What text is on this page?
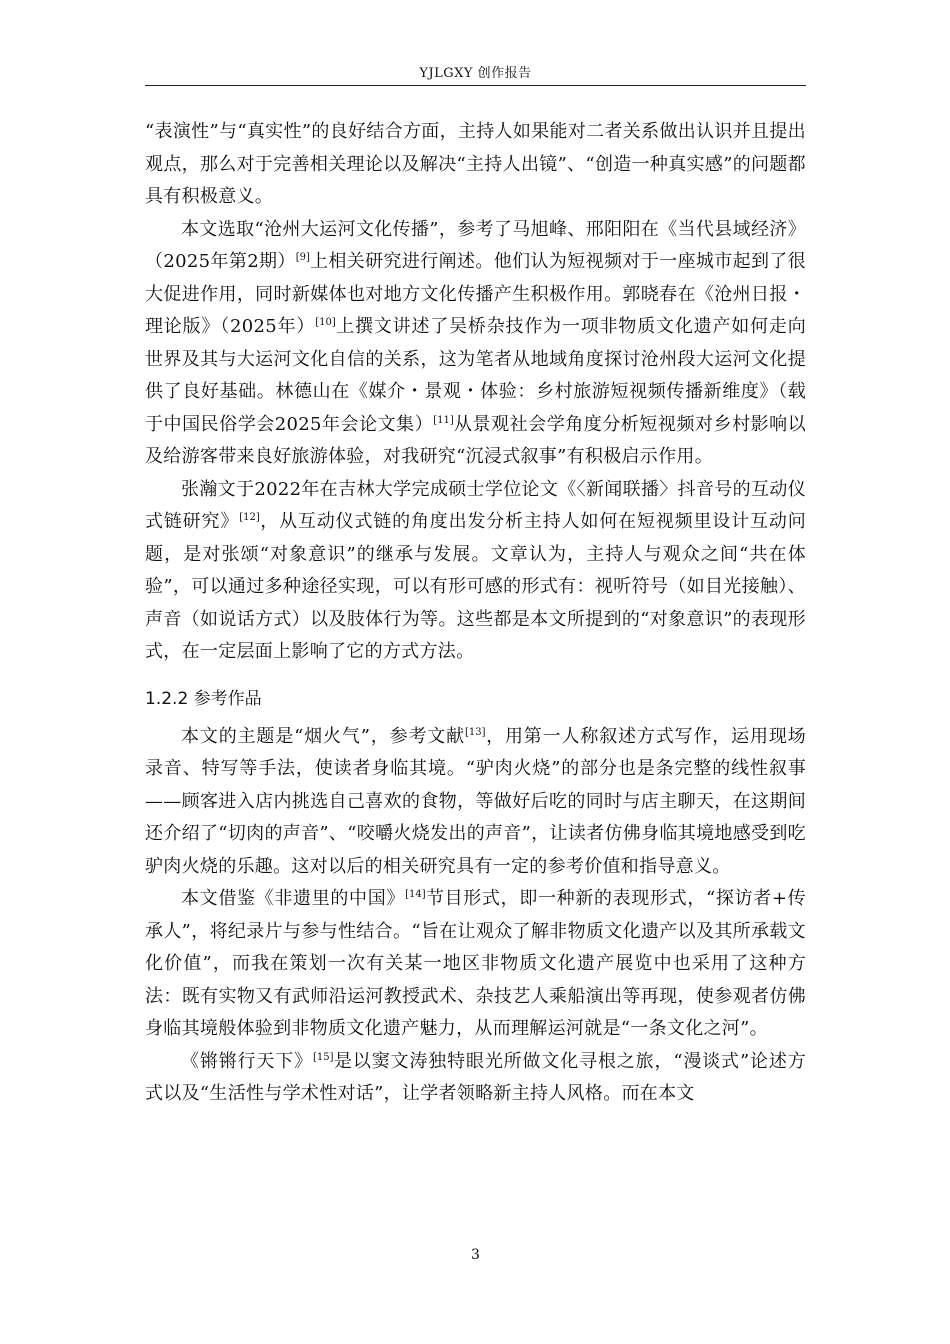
YJLGXY 创作报告

“表演性”与“真实性”的良好结合方面，主持人如果能对二者关系做出认识并且提出观点，那么对于完善相关理论以及解决“主持人出镜”、“创造一种真实感”的问题都具有积极意义。

本文选取“沧州大运河文化传播”，参考了马旭峰、邢阳阳在《当代县域经济》（2025年第2期）[9]上相关研究进行阐述。他们认为短视频对于一座城市起到了很大促进作用，同时新媒体也对地方文化传播产生积极作用。郭晓春在《沧州日报・理论版》（2025年）[10]上撰文讲述了吴桥杂技作为一项非物质文化遗产如何走向世界及其与大运河文化自信的关系，这为笔者从地域角度探讨沧州段大运河文化提供了良好基础。林德山在《媒介・景观・体验：乡村旅游短视频传播新维度》（载于中国民俗学会2025年会论文集）[11]从景观社会学角度分析短视频对乡村影响以及给游客带来良好旅游体验，对我研究“沉浸式叙事”有积极启示作用。

张瀚文于2022年在吉林大学完成硕士学位论文《〈新闻联播〉抖音号的互动仪式链研究》[12]，从互动仪式链的角度出发分析主持人如何在短视频里设计互动问题，是对张颂“对象意识”的继承与发展。文章认为，主持人与观众之间“共在体验”，可以通过多种途径实现，可以有形可感的形式有：视听符号（如目光接触）、声音（如说话方式）以及肢体行为等。这些都是本文所提到的“对象意识”的表现形式，在一定层面上影响了它的方式方法。

1.2.2 参考作品

本文的主题是“烟火气”，参考文献[13]，用第一人称叙述方式写作，运用现场录音、特写等手法，使读者身临其境。“驴肉火烧”的部分也是条完整的线性叙事——顾客进入店内挑选自己喜欢的食物，等做好后吃的同时与店主聊天，在这期间还介绍了“切肉的声音”、“咬嚼火烧发出的声音”，让读者仿佛身临其境地感受到吃驴肉火烧的乐趣。这对以后的相关研究具有一定的参考价值和指导意义。

本文借鉴《非遗里的中国》[14]节目形式，即一种新的表现形式，“探访者+传承人”，将纪录片与参与性结合。“旨在让观众了解非物质文化遗产以及其所承载文化价值”，而我在策划一次有关某一地区非物质文化遗产展览中也采用了这种方法：既有实物又有武师沿运河教授武术、杂技艺人乘船演出等再现，使参观者仿佛身临其境般体验到非物质文化遗产魅力，从而理解运河就是“一条文化之河”。

《锵锵行天下》[15]是以窦文涛独特眼光所做文化寻根之旅，“漫谈式”论述方式以及“生活性与学术性对话”，让学者领略新主持人风格。而在本文

3
